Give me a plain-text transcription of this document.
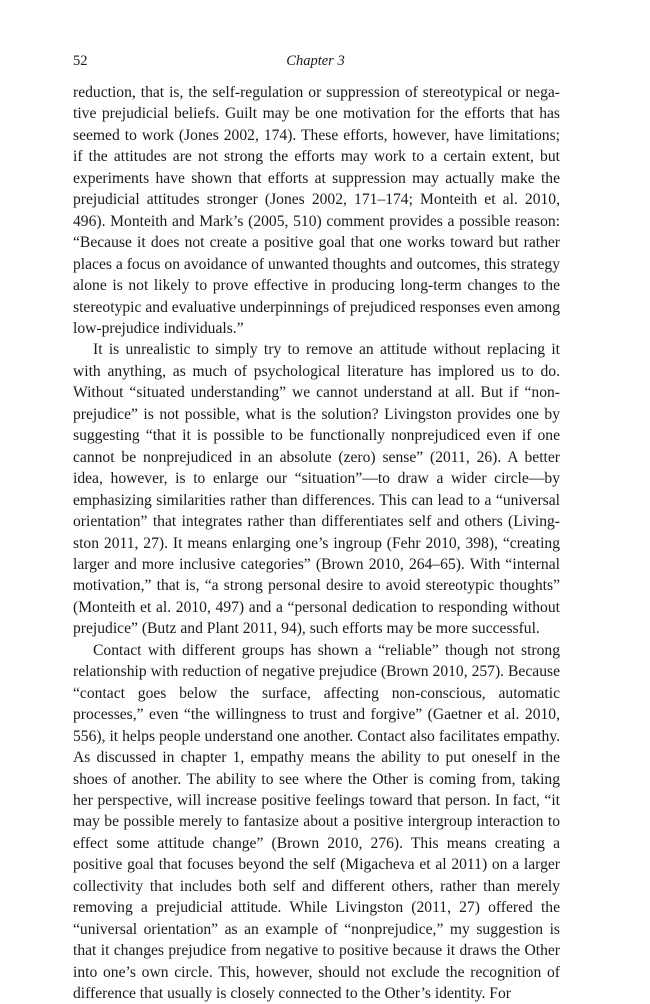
52	Chapter 3

reduction, that is, the self-regulation or suppression of stereotypical or negative prejudicial beliefs. Guilt may be one motivation for the efforts that has seemed to work (Jones 2002, 174). These efforts, however, have limitations; if the attitudes are not strong the efforts may work to a certain extent, but experiments have shown that efforts at suppression may actually make the prejudicial attitudes stronger (Jones 2002, 171–174; Monteith et al. 2010, 496). Monteith and Mark’s (2005, 510) comment provides a possible reason: “Because it does not create a positive goal that one works toward but rather places a focus on avoidance of unwanted thoughts and outcomes, this strategy alone is not likely to prove effective in producing long-term changes to the stereotypic and evaluative underpinnings of prejudiced responses even among low-prejudice individuals.”

It is unrealistic to simply try to remove an attitude without replacing it with anything, as much of psychological literature has implored us to do. Without “situated understanding” we cannot understand at all. But if “nonprejudice” is not possible, what is the solution? Livingston provides one by suggesting “that it is possible to be functionally nonprejudiced even if one cannot be nonprejudiced in an absolute (zero) sense” (2011, 26). A better idea, however, is to enlarge our “situation”—to draw a wider circle—by emphasizing similarities rather than differences. This can lead to a “universal orientation” that integrates rather than differentiates self and others (Livingston 2011, 27). It means enlarging one’s ingroup (Fehr 2010, 398), “creating larger and more inclusive categories” (Brown 2010, 264–65). With “internal motivation,” that is, “a strong personal desire to avoid stereotypic thoughts” (Monteith et al. 2010, 497) and a “personal dedication to responding without prejudice” (Butz and Plant 2011, 94), such efforts may be more successful.

Contact with different groups has shown a “reliable” though not strong relationship with reduction of negative prejudice (Brown 2010, 257). Because “contact goes below the surface, affecting non-conscious, automatic processes,” even “the willingness to trust and forgive” (Gaetner et al. 2010, 556), it helps people understand one another. Contact also facilitates empathy. As discussed in chapter 1, empathy means the ability to put oneself in the shoes of another. The ability to see where the Other is coming from, taking her perspective, will increase positive feelings toward that person. In fact, “it may be possible merely to fantasize about a positive intergroup interaction to effect some attitude change” (Brown 2010, 276). This means creating a positive goal that focuses beyond the self (Migacheva et al 2011) on a larger collectivity that includes both self and different others, rather than merely removing a prejudicial attitude. While Livingston (2011, 27) offered the “universal orientation” as an example of “nonprejudice,” my suggestion is that it changes prejudice from negative to positive because it draws the Other into one’s own circle. This, however, should not exclude the recognition of difference that usually is closely connected to the Other’s identity. For
